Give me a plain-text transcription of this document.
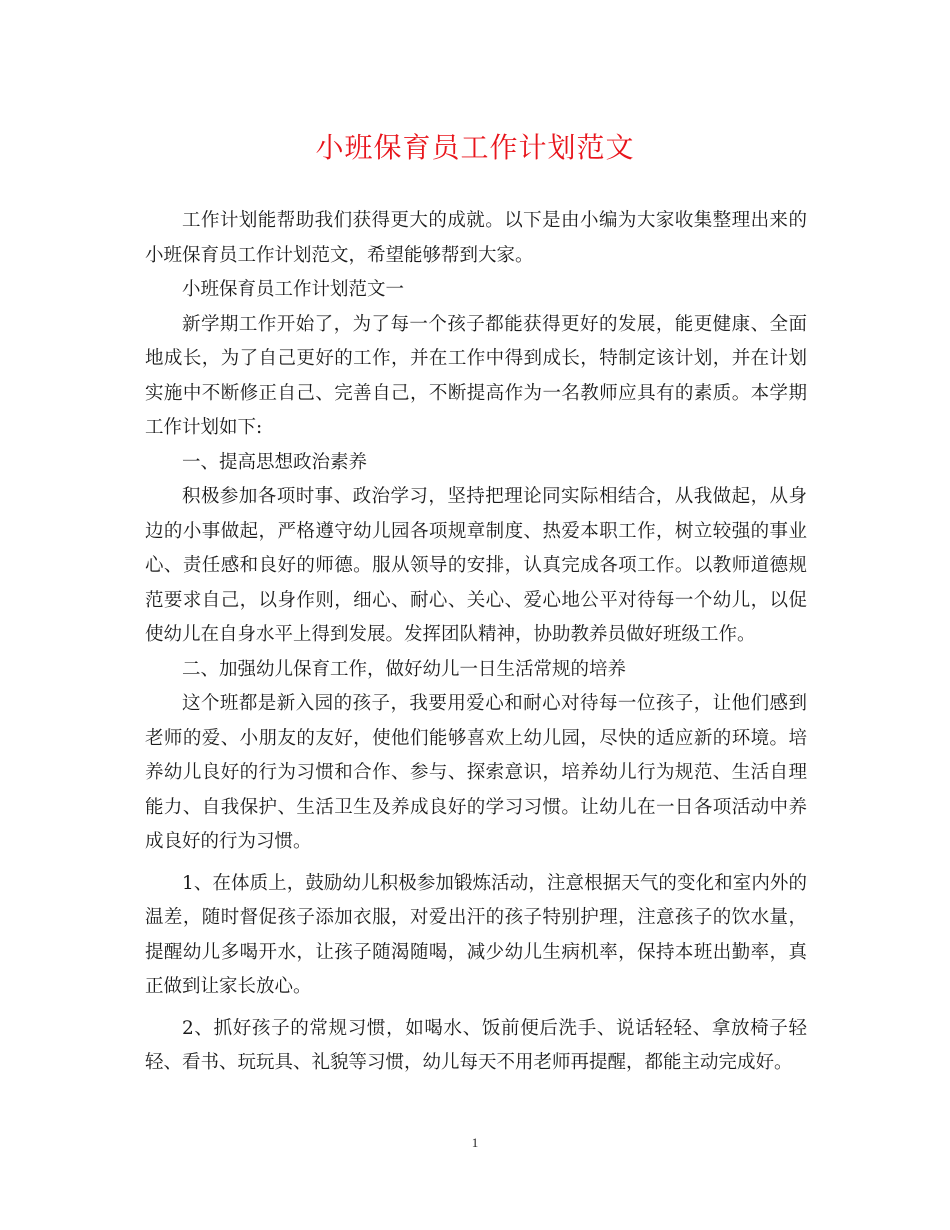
小班保育员工作计划范文

工作计划能帮助我们获得更大的成就。以下是由小编为大家收集整理出来的小班保育员工作计划范文，希望能够帮到大家。

小班保育员工作计划范文一

新学期工作开始了，为了每一个孩子都能获得更好的发展，能更健康、全面地成长，为了自己更好的工作，并在工作中得到成长，特制定该计划，并在计划实施中不断修正自己、完善自己，不断提高作为一名教师应具有的素质。本学期工作计划如下:

一、提高思想政治素养

积极参加各项时事、政治学习，坚持把理论同实际相结合，从我做起，从身边的小事做起，严格遵守幼儿园各项规章制度、热爱本职工作，树立较强的事业心、责任感和良好的师德。服从领导的安排，认真完成各项工作。以教师道德规范要求自己，以身作则，细心、耐心、关心、爱心地公平对待每一个幼儿，以促使幼儿在自身水平上得到发展。发挥团队精神，协助教养员做好班级工作。

二、加强幼儿保育工作，做好幼儿一日生活常规的培养

这个班都是新入园的孩子，我要用爱心和耐心对待每一位孩子，让他们感到老师的爱、小朋友的友好，使他们能够喜欢上幼儿园，尽快的适应新的环境。培养幼儿良好的行为习惯和合作、参与、探索意识，培养幼儿行为规范、生活自理能力、自我保护、生活卫生及养成良好的学习习惯。让幼儿在一日各项活动中养成良好的行为习惯。

1、在体质上，鼓励幼儿积极参加锻炼活动，注意根据天气的变化和室内外的温差，随时督促孩子添加衣服，对爱出汗的孩子特别护理，注意孩子的饮水量，提醒幼儿多喝开水，让孩子随渴随喝，减少幼儿生病机率，保持本班出勤率，真正做到让家长放心。

2、抓好孩子的常规习惯，如喝水、饭前便后洗手、说话轻轻、拿放椅子轻轻、看书、玩玩具、礼貌等习惯，幼儿每天不用老师再提醒，都能主动完成好。

1
